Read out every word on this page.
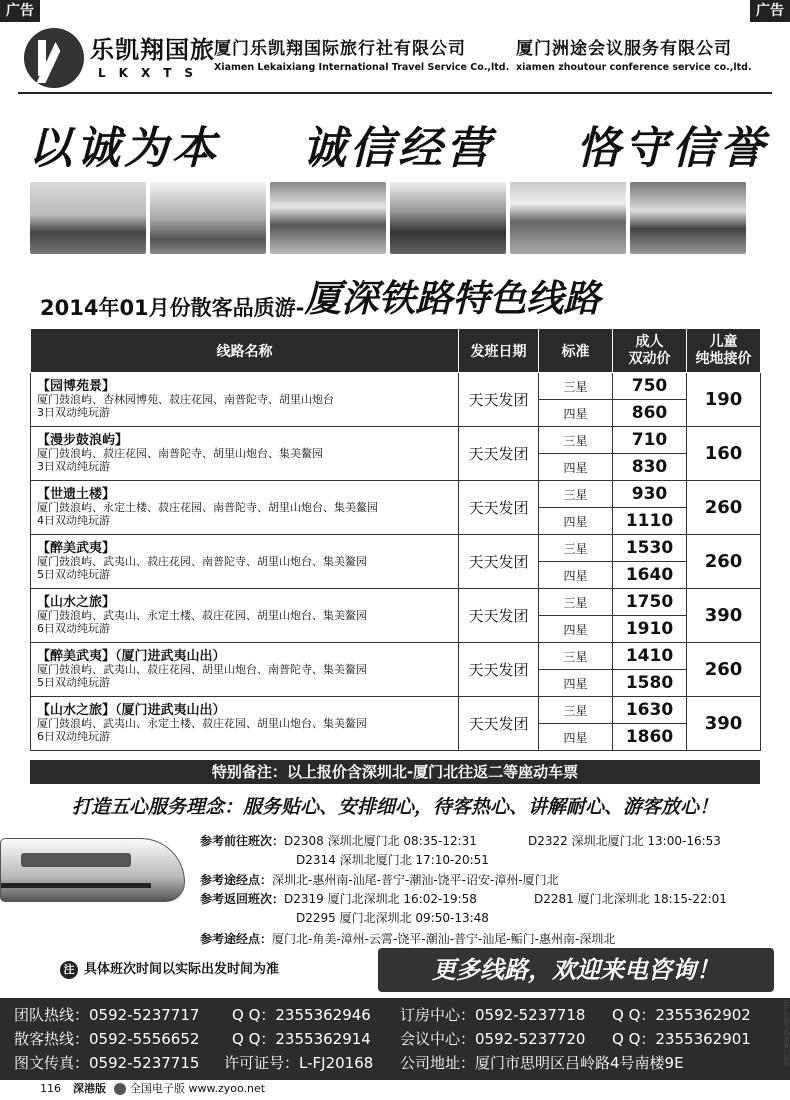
广告	广告
乐凯翔国旅
LKXTS
厦门乐凯翔国际旅行社有限公司
Xiamen Lekaixiang International Travel Service Co.,ltd.
厦门洲途会议服务有限公司
xiamen zhoutour conference service co.,ltd.
以诚为本 诚信经营 恪守信誉
2014年01月份散客品质游-厦深铁路特色线路
线路名称	发班日期	标准	成人
双动价	儿童
纯地接价

【园博苑景】
厦门鼓浪屿、杏林园博苑、菽庄花园、南普陀寺、胡里山炮台
3日双动纯玩游	天天发团	三星	750	190
		四星	860	

【漫步鼓浪屿】
厦门鼓浪屿、菽庄花园、南普陀寺、胡里山炮台、集美鳌园
3日双动纯玩游	天天发团	三星	710	160
		四星	830	

【世遗土楼】
厦门鼓浪屿、永定土楼、菽庄花园、南普陀寺、胡里山炮台、集美鳌园
4日双动纯玩游	天天发团	三星	930	260
		四星	1110	

【醉美武夷】
厦门鼓浪屿、武夷山、菽庄花园、南普陀寺、胡里山炮台、集美鳌园
5日双动纯玩游	天天发团	三星	1530	260
		四星	1640	

【山水之旅】
厦门鼓浪屿、武夷山、永定土楼、菽庄花园、胡里山炮台、集美鳌园
6日双动纯玩游	天天发团	三星	1750	390
		四星	1910	

【醉美武夷】（厦门进武夷山出）
厦门鼓浪屿、武夷山、菽庄花园、胡里山炮台、南普陀寺、集美鳌园
5日双动纯玩游	天天发团	三星	1410	260
		四星	1580	

【山水之旅】（厦门进武夷山出）
厦门鼓浪屿、武夷山、永定土楼、菽庄花园、胡里山炮台、集美鳌园
6日双动纯玩游	天天发团	三星	1630	390
		四星	1860	
特别备注：以上报价含深圳北-厦门北往返二等座动车票
打造五心服务理念：服务贴心、安排细心，待客热心、讲解耐心、游客放心！
参考前往班次：D2308 深圳北厦门北 08:35-12:31	D2322 深圳北厦门北 13:00-16:53
D2314 深圳北厦门北 17:10-20:51
参考途经点：深圳北-惠州南-汕尾-普宁-潮汕-饶平-诏安-漳州-厦门北
参考返回班次：D2319 厦门北深圳北 16:02-19:58	D2281 厦门北深圳北 18:15-22:01
D2295 厦门北深圳北 09:50-13:48
参考途经点：厦门北-角美-漳州-云霄-饶平-潮汕-普宁-汕尾-鲘门-惠州南-深圳北
注 具体班次时间以实际出发时间为准	更多线路，欢迎来电咨询！
团队热线：0592-5237717 Q Q：2355362946 订房中心：0592-5237718 Q Q：2355362902
散客热线：0592-5556652 Q Q：2355362914 会议中心：0592-5237720 Q Q：2355362901
图文传真：0592-5237715 许可证号：L-FJ20168 公司地址：厦门市思明区吕岭路4号南楼9E	此广告图文均由客户提供
116 深港版 全国电子版 www.zyoo.net
